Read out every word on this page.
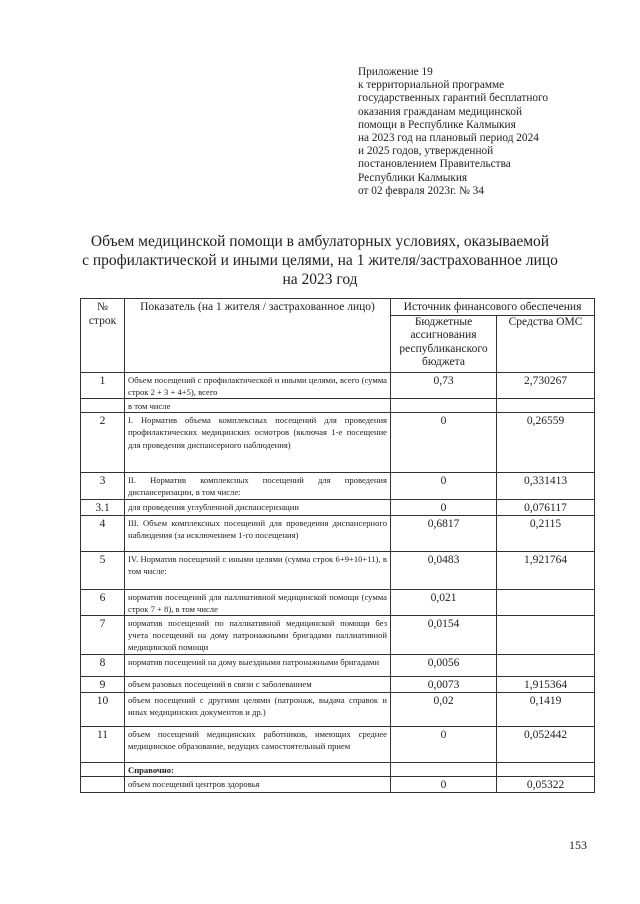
Приложение 19
к территориальной программе
государственных гарантий бесплатного
оказания гражданам медицинской
помощи в Республике Калмыкия
на 2023 год на плановый период 2024
и 2025 годов, утвержденной
постановлением Правительства
Республики Калмыкия
от 02 февраля 2023г. № 34
Объем медицинской помощи в амбулаторных условиях, оказываемой
с профилактической и иными целями, на 1 жителя/застрахованное лицо
на 2023 год
№ строк	Показатель (на 1 жителя / застрахованное лицо)	Источник финансового обеспечения	
		Бюджетные ассигнования республиканского бюджета	Средства ОМС
1	Объем посещений с профилактической и иными целями, всего (сумма строк 2 + 3 + 4+5), всего	0,73	2,730267
	в том числе		
2	I. Норматив объема комплексных посещений для проведения профилактических медицинских осмотров (включая 1-е посещение для проведения диспансерного наблюдения)	0	0,26559
3	II. Норматив комплексных посещений для проведения диспансеризации, в том числе:	0	0,331413
3.1	для проведения углубленной диспансеризации	0	0,076117
4	III. Объем комплексных посещений для проведения диспансерного наблюдения (за исключением 1-го посещения)	0,6817	0,2115
5	IV. Норматив посещений с иными целями (сумма строк 6+9+10+11), в том числе:	0,0483	1,921764
6	норматив посещений для паллиативной медицинской помощи (сумма строк 7 + 8), в том числе	0,021	
7	норматив посещений по паллиативной медицинской помощи без учета посещений на дому патронажными бригадами паллиативной медицинской помощи	0,0154	
8	норматив посещений на дому выездными патронажными бригадами	0,0056	
9	объем разовых посещений в связи с заболеванием	0,0073	1,915364
10	объем посещений с другими целями (патронаж, выдача справок и иных медицинских документов и др.)	0,02	0,1419
11	объем посещений медицинских работников, имеющих среднее медицинское образование, ведущих самостоятельный прием	0	0,052442
	Справочно:		
	объем посещений центров здоровья	0	0,05322
153
